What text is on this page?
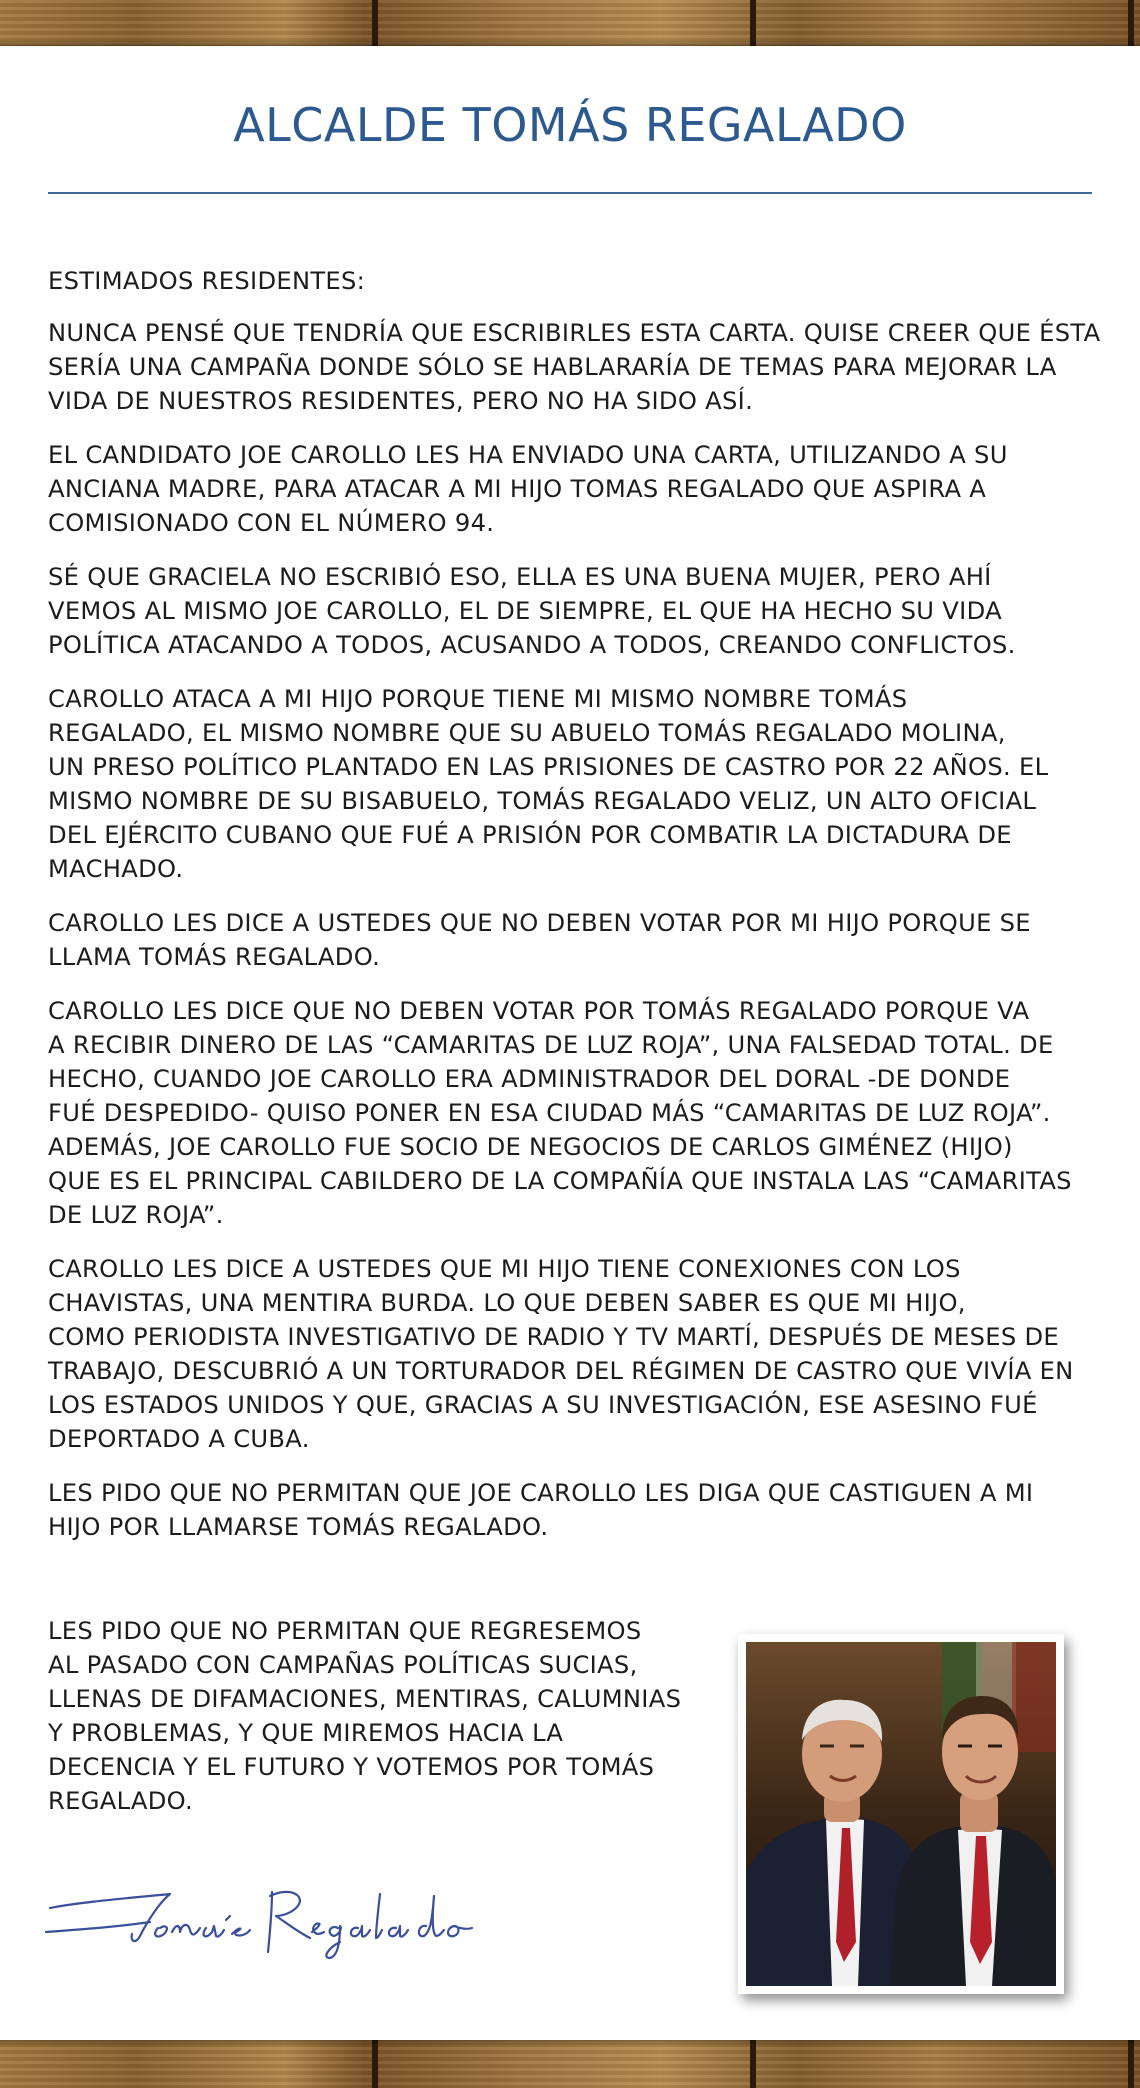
ALCALDE TOMÁS REGALADO

ESTIMADOS RESIDENTES:

NUNCA PENSÉ QUE TENDRÍA QUE ESCRIBIRLES ESTA CARTA. QUISE CREER QUE ÉSTA
SERÍA UNA CAMPAÑA DONDE SÓLO SE HABLARARÍA DE TEMAS PARA MEJORAR LA
VIDA DE NUESTROS RESIDENTES, PERO NO HA SIDO ASÍ.

EL CANDIDATO JOE CAROLLO LES HA ENVIADO UNA CARTA, UTILIZANDO A SU
ANCIANA MADRE, PARA ATACAR A MI HIJO TOMAS REGALADO QUE ASPIRA A
COMISIONADO CON EL NÚMERO 94.

SÉ QUE GRACIELA NO ESCRIBIÓ ESO, ELLA ES UNA BUENA MUJER, PERO AHÍ
VEMOS AL MISMO JOE CAROLLO, EL DE SIEMPRE, EL QUE HA HECHO SU VIDA
POLÍTICA ATACANDO A TODOS, ACUSANDO A TODOS, CREANDO CONFLICTOS.

CAROLLO ATACA A MI HIJO PORQUE TIENE MI MISMO NOMBRE TOMÁS
REGALADO, EL MISMO NOMBRE QUE SU ABUELO TOMÁS REGALADO MOLINA,
UN PRESO POLÍTICO PLANTADO EN LAS PRISIONES DE CASTRO POR 22 AÑOS. EL
MISMO NOMBRE DE SU BISABUELO, TOMÁS REGALADO VELIZ, UN ALTO OFICIAL
DEL EJÉRCITO CUBANO QUE FUÉ A PRISIÓN POR COMBATIR LA DICTADURA DE
MACHADO.

CAROLLO LES DICE A USTEDES QUE NO DEBEN VOTAR POR MI HIJO PORQUE SE
LLAMA TOMÁS REGALADO.

CAROLLO LES DICE QUE NO DEBEN VOTAR POR TOMÁS REGALADO PORQUE VA
A RECIBIR DINERO DE LAS “CAMARITAS DE LUZ ROJA”, UNA FALSEDAD TOTAL. DE
HECHO, CUANDO JOE CAROLLO ERA ADMINISTRADOR DEL DORAL -DE DONDE
FUÉ DESPEDIDO- QUISO PONER EN ESA CIUDAD MÁS “CAMARITAS DE LUZ ROJA”.
ADEMÁS, JOE CAROLLO FUE SOCIO DE NEGOCIOS DE CARLOS GIMÉNEZ (HIJO)
QUE ES EL PRINCIPAL CABILDERO DE LA COMPAÑÍA QUE INSTALA LAS “CAMARITAS
DE LUZ ROJA”.

CAROLLO LES DICE A USTEDES QUE MI HIJO TIENE CONEXIONES CON LOS
CHAVISTAS, UNA MENTIRA BURDA. LO QUE DEBEN SABER ES QUE MI HIJO,
COMO PERIODISTA INVESTIGATIVO DE RADIO Y TV MARTÍ, DESPUÉS DE MESES DE
TRABAJO, DESCUBRIÓ A UN TORTURADOR DEL RÉGIMEN DE CASTRO QUE VIVÍA EN
LOS ESTADOS UNIDOS Y QUE, GRACIAS A SU INVESTIGACIÓN, ESE ASESINO FUÉ
DEPORTADO A CUBA.

LES PIDO QUE NO PERMITAN QUE JOE CAROLLO LES DIGA QUE CASTIGUEN A MI
HIJO POR LLAMARSE TOMÁS REGALADO.

LES PIDO QUE NO PERMITAN QUE REGRESEMOS
AL PASADO CON CAMPAÑAS POLÍTICAS SUCIAS,
LLENAS DE DIFAMACIONES, MENTIRAS, CALUMNIAS
Y PROBLEMAS, Y QUE MIREMOS HACIA LA
DECENCIA Y EL FUTURO Y VOTEMOS POR TOMÁS
REGALADO.
